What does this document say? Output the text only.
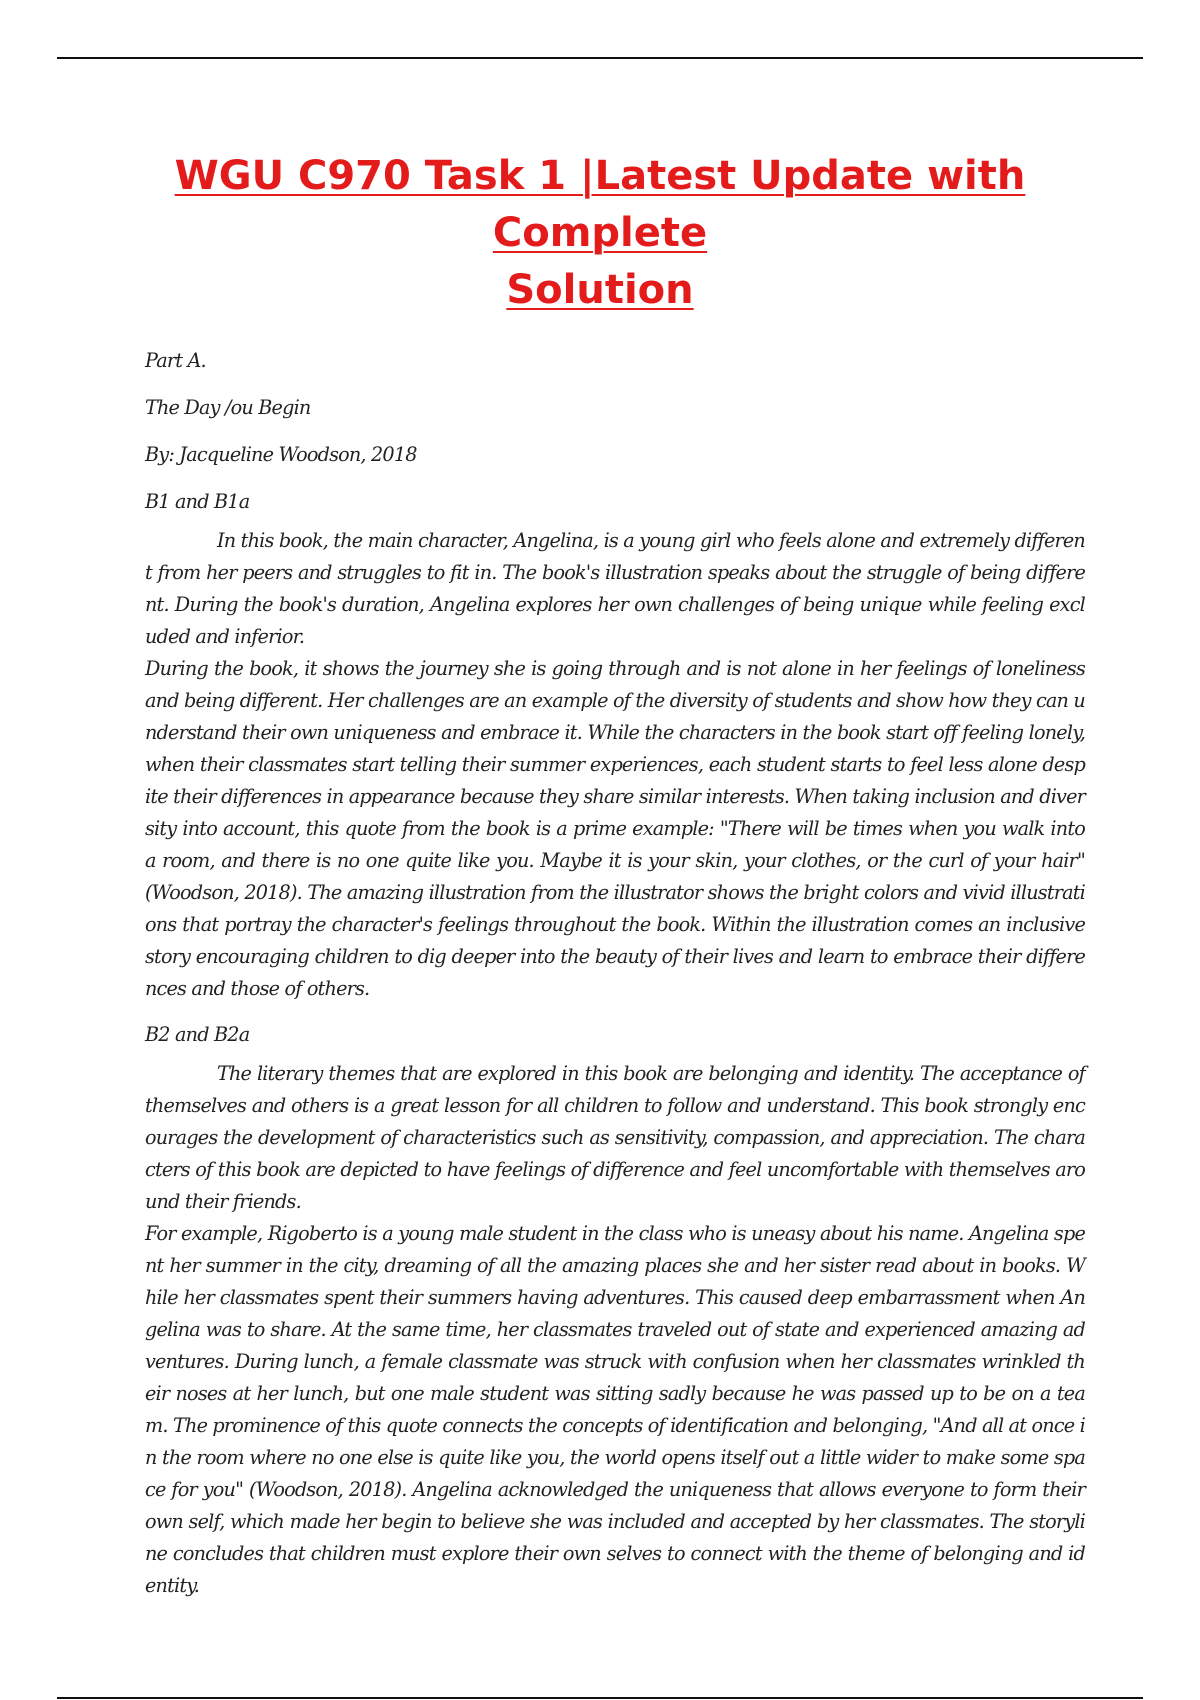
WGU C970 Task 1 |Latest Update with Complete
Solution

Part A.

The Day /ou Begin

By: Jacqueline Woodson, 2018

B1 and B1a

In this book, the main character, Angelina, is a young girl who feels alone and extremely different from her peers and struggles to fit in. The book's illustration speaks about the struggle of being different. During the book's duration, Angelina explores her own challenges of being unique while feeling excluded and inferior.

During the book, it shows the journey she is going through and is not alone in her feelings of loneliness and being different. Her challenges are an example of the diversity of students and show how they can understand their own uniqueness and embrace it. While the characters in the book start off feeling lonely, when their classmates start telling their summer experiences, each student starts to feel less alone despite their differences in appearance because they share similar interests. When taking inclusion and diversity into account, this quote from the book is a prime example: "There will be times when you walk into a room, and there is no one quite like you. Maybe it is your skin, your clothes, or the curl of your hair" (Woodson, 2018). The amazing illustration from the illustrator shows the bright colors and vivid illustrations that portray the character's feelings throughout the book. Within the illustration comes an inclusive story encouraging children to dig deeper into the beauty of their lives and learn to embrace their differences and those of others.

B2 and B2a

The literary themes that are explored in this book are belonging and identity. The acceptance of themselves and others is a great lesson for all children to follow and understand. This book strongly encourages the development of characteristics such as sensitivity, compassion, and appreciation. The characters of this book are depicted to have feelings of difference and feel uncomfortable with themselves around their friends.

For example, Rigoberto is a young male student in the class who is uneasy about his name. Angelina spent her summer in the city, dreaming of all the amazing places she and her sister read about in books. While her classmates spent their summers having adventures. This caused deep embarrassment when Angelina was to share. At the same time, her classmates traveled out of state and experienced amazing adventures. During lunch, a female classmate was struck with confusion when her classmates wrinkled their noses at her lunch, but one male student was sitting sadly because he was passed up to be on a team. The prominence of this quote connects the concepts of identification and belonging, "And all at once in the room where no one else is quite like you, the world opens itself out a little wider to make some space for you" (Woodson, 2018). Angelina acknowledged the uniqueness that allows everyone to form their own self, which made her begin to believe she was included and accepted by her classmates. The storyline concludes that children must explore their own selves to connect with the theme of belonging and identity.
